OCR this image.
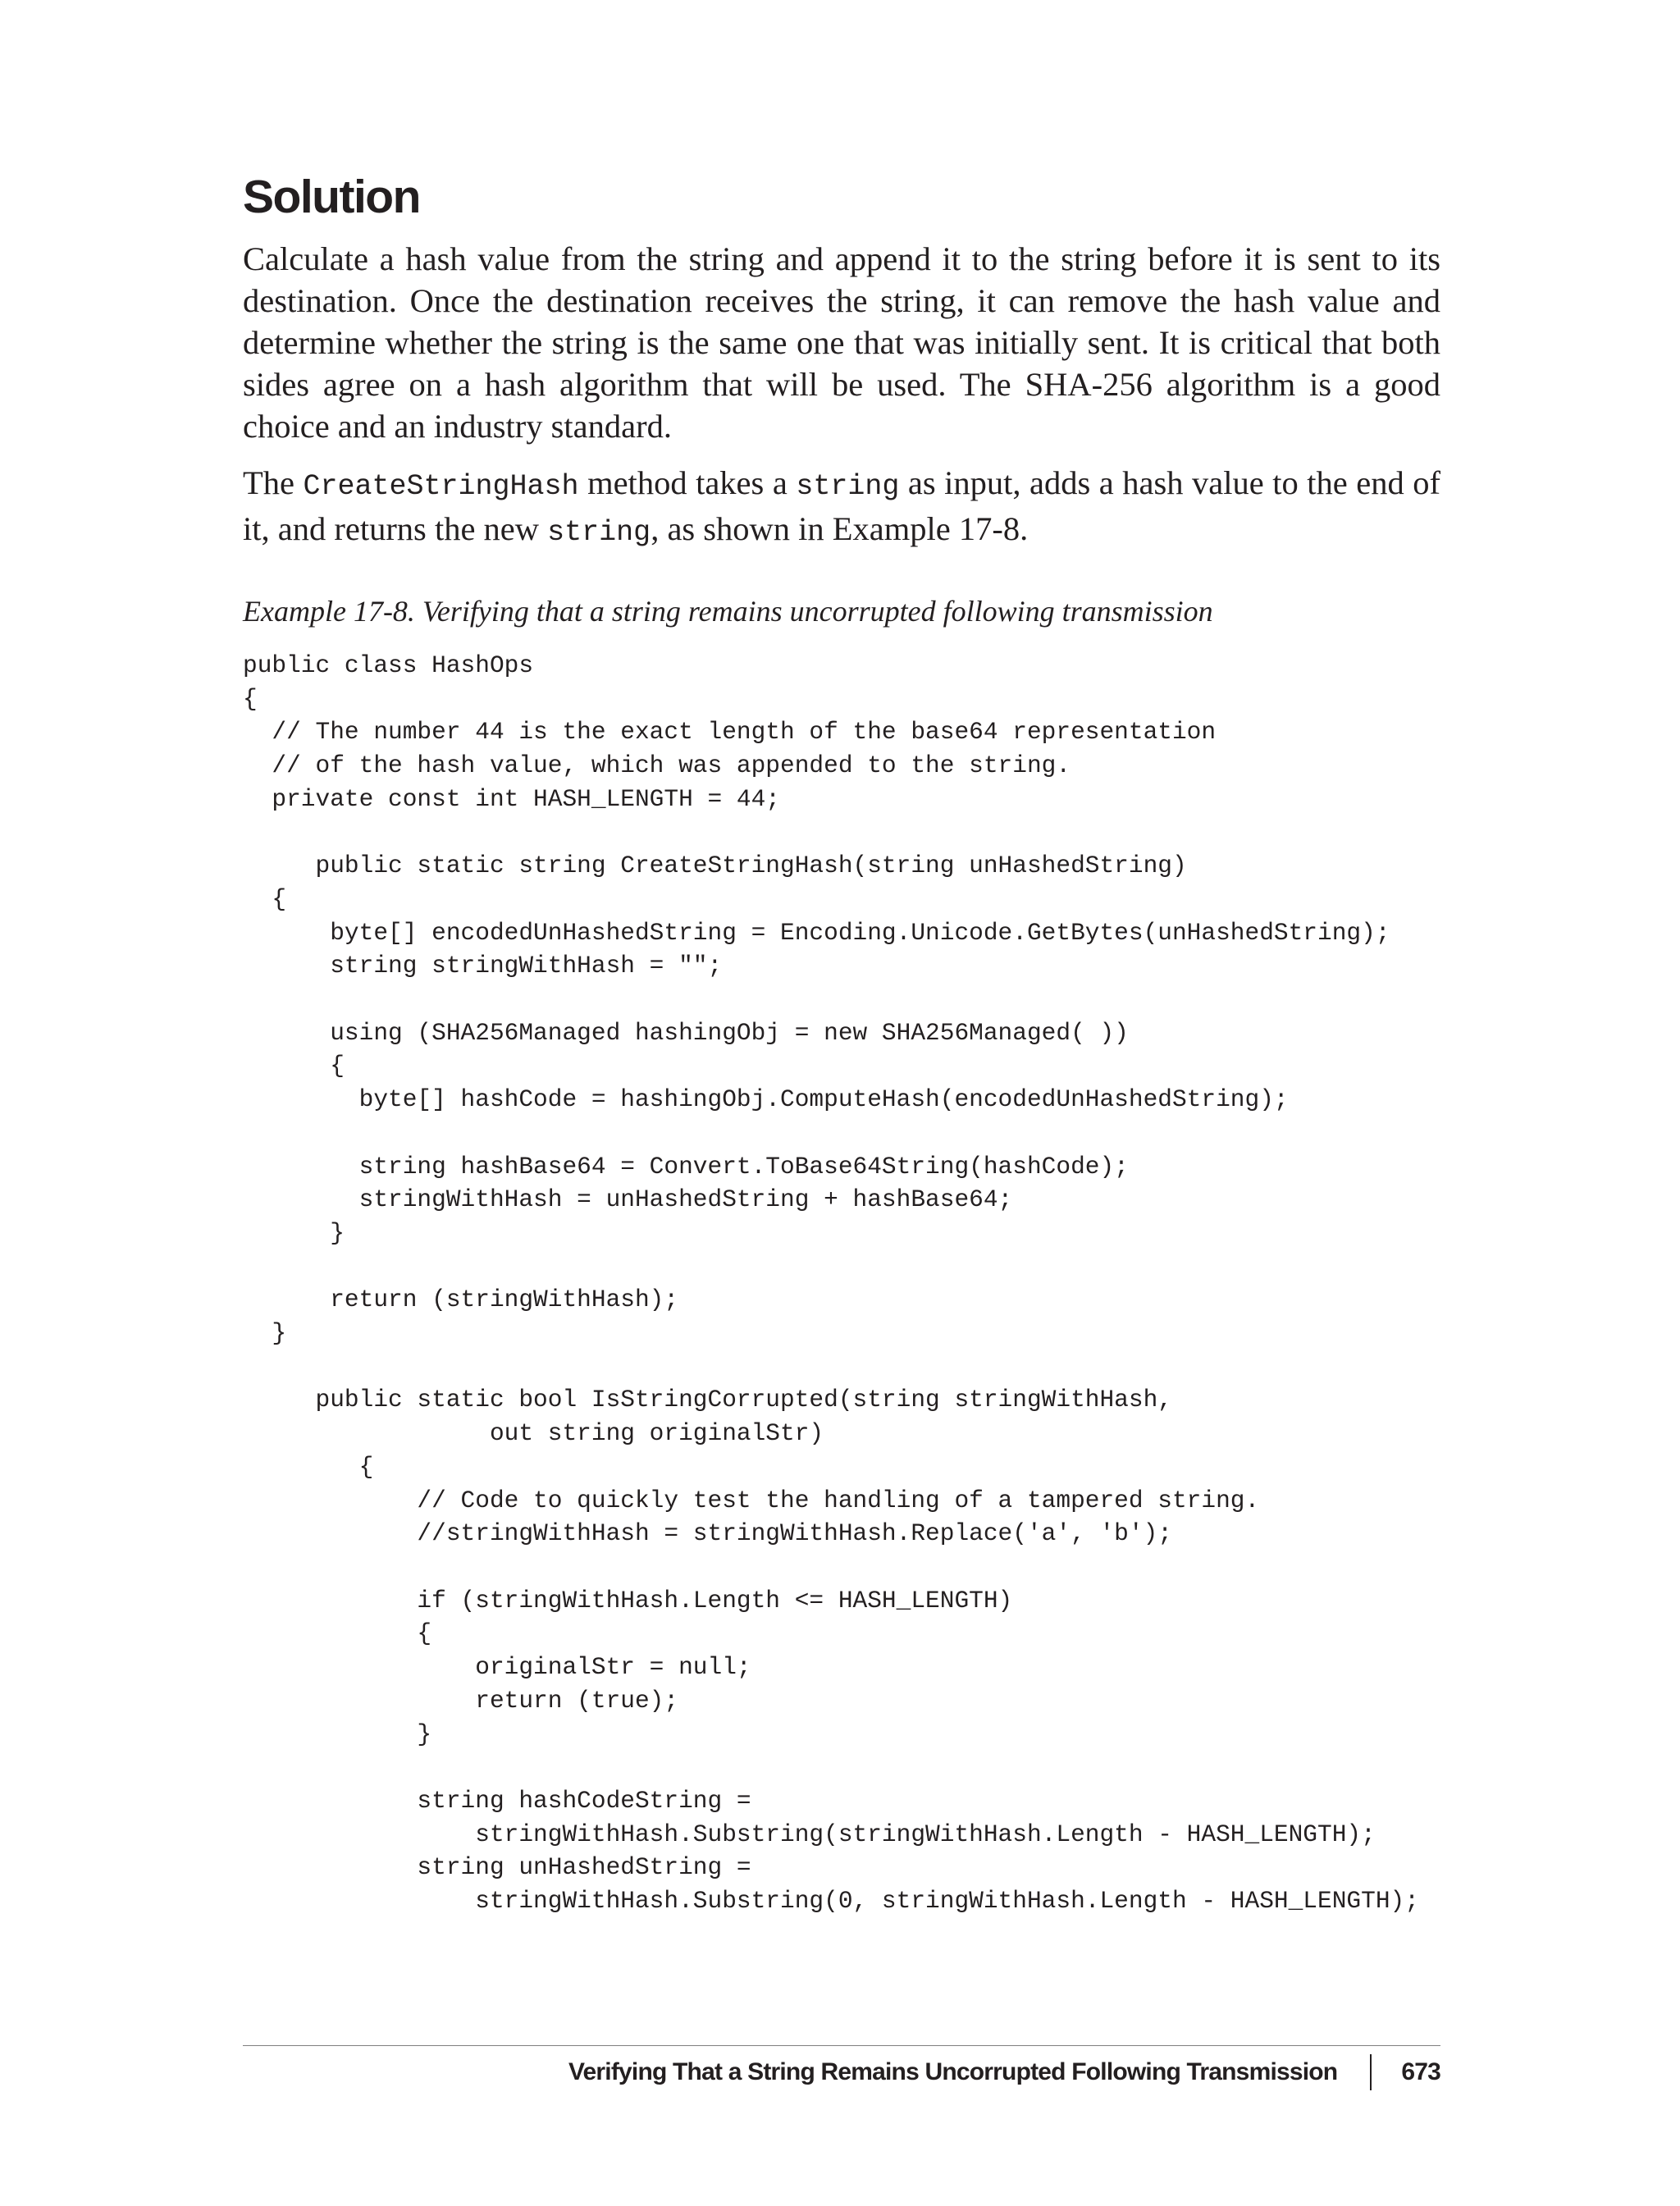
Solution

Calculate a hash value from the string and append it to the string before it is sent to its destination. Once the destination receives the string, it can remove the hash value and determine whether the string is the same one that was initially sent. It is critical that both sides agree on a hash algorithm that will be used. The SHA-256 algorithm is a good choice and an industry standard.

The CreateStringHash method takes a string as input, adds a hash value to the end of it, and returns the new string, as shown in Example 17-8.

Example 17-8. Verifying that a string remains uncorrupted following transmission
public class HashOps
{
// The number 44 is the exact length of the base64 representation
// of the hash value, which was appended to the string.
private const int HASH_LENGTH = 44;

public static string CreateStringHash(string unHashedString)
{
byte[] encodedUnHashedString = Encoding.Unicode.GetBytes(unHashedString);
string stringWithHash = "";

using (SHA256Managed hashingObj = new SHA256Managed( ))
{
byte[] hashCode = hashingObj.ComputeHash(encodedUnHashedString);

string hashBase64 = Convert.ToBase64String(hashCode);
stringWithHash = unHashedString + hashBase64;
}

return (stringWithHash);
}

public static bool IsStringCorrupted(string stringWithHash,
out string originalStr)
{
// Code to quickly test the handling of a tampered string.
//stringWithHash = stringWithHash.Replace('a', 'b');

if (stringWithHash.Length <= HASH_LENGTH)
{
originalStr = null;
return (true);
}

string hashCodeString =
stringWithHash.Substring(stringWithHash.Length - HASH_LENGTH);
string unHashedString =
stringWithHash.Substring(0, stringWithHash.Length - HASH_LENGTH);
Verifying That a String Remains Uncorrupted Following Transmission	673
